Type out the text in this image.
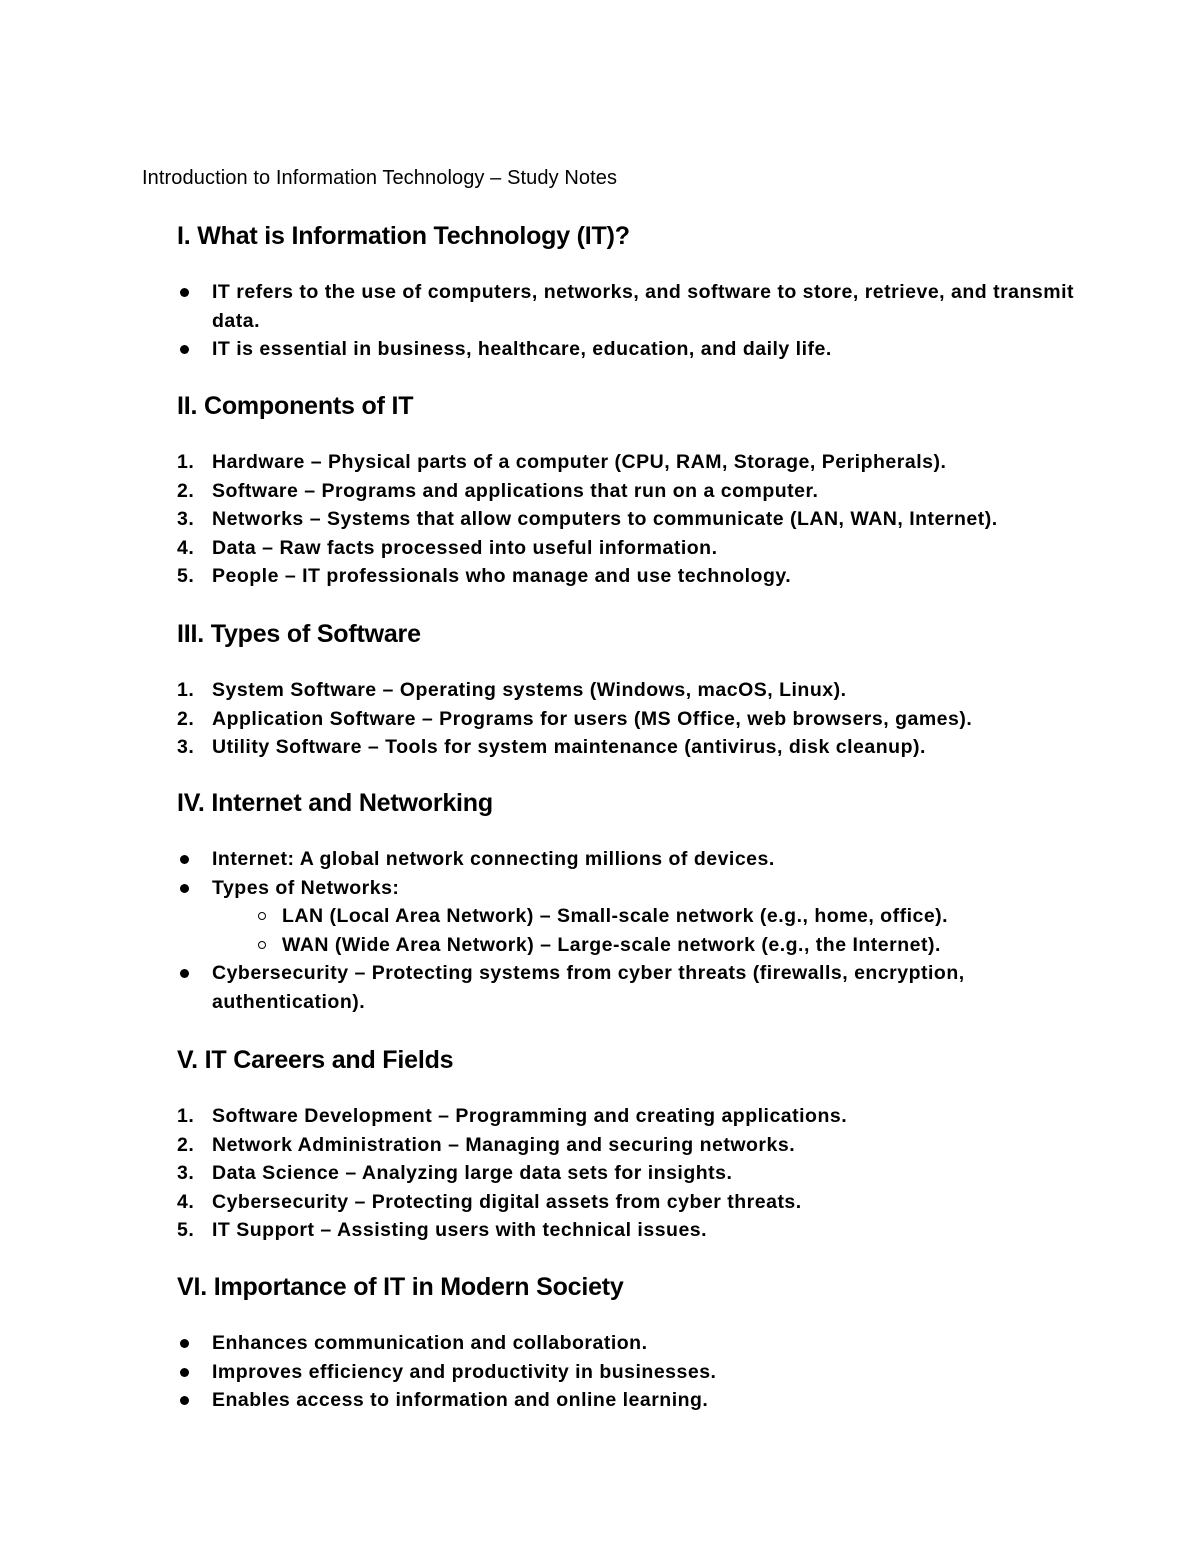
Introduction to Information Technology – Study Notes
I. What is Information Technology (IT)?
IT refers to the use of computers, networks, and software to store, retrieve, and transmit data.
IT is essential in business, healthcare, education, and daily life.
II. Components of IT
1. Hardware – Physical parts of a computer (CPU, RAM, Storage, Peripherals).
2. Software – Programs and applications that run on a computer.
3. Networks – Systems that allow computers to communicate (LAN, WAN, Internet).
4. Data – Raw facts processed into useful information.
5. People – IT professionals who manage and use technology.
III. Types of Software
1. System Software – Operating systems (Windows, macOS, Linux).
2. Application Software – Programs for users (MS Office, web browsers, games).
3. Utility Software – Tools for system maintenance (antivirus, disk cleanup).
IV. Internet and Networking
Internet: A global network connecting millions of devices.
Types of Networks:
LAN (Local Area Network) – Small-scale network (e.g., home, office).
WAN (Wide Area Network) – Large-scale network (e.g., the Internet).
Cybersecurity – Protecting systems from cyber threats (firewalls, encryption, authentication).
V. IT Careers and Fields
1. Software Development – Programming and creating applications.
2. Network Administration – Managing and securing networks.
3. Data Science – Analyzing large data sets for insights.
4. Cybersecurity – Protecting digital assets from cyber threats.
5. IT Support – Assisting users with technical issues.
VI. Importance of IT in Modern Society
Enhances communication and collaboration.
Improves efficiency and productivity in businesses.
Enables access to information and online learning.
